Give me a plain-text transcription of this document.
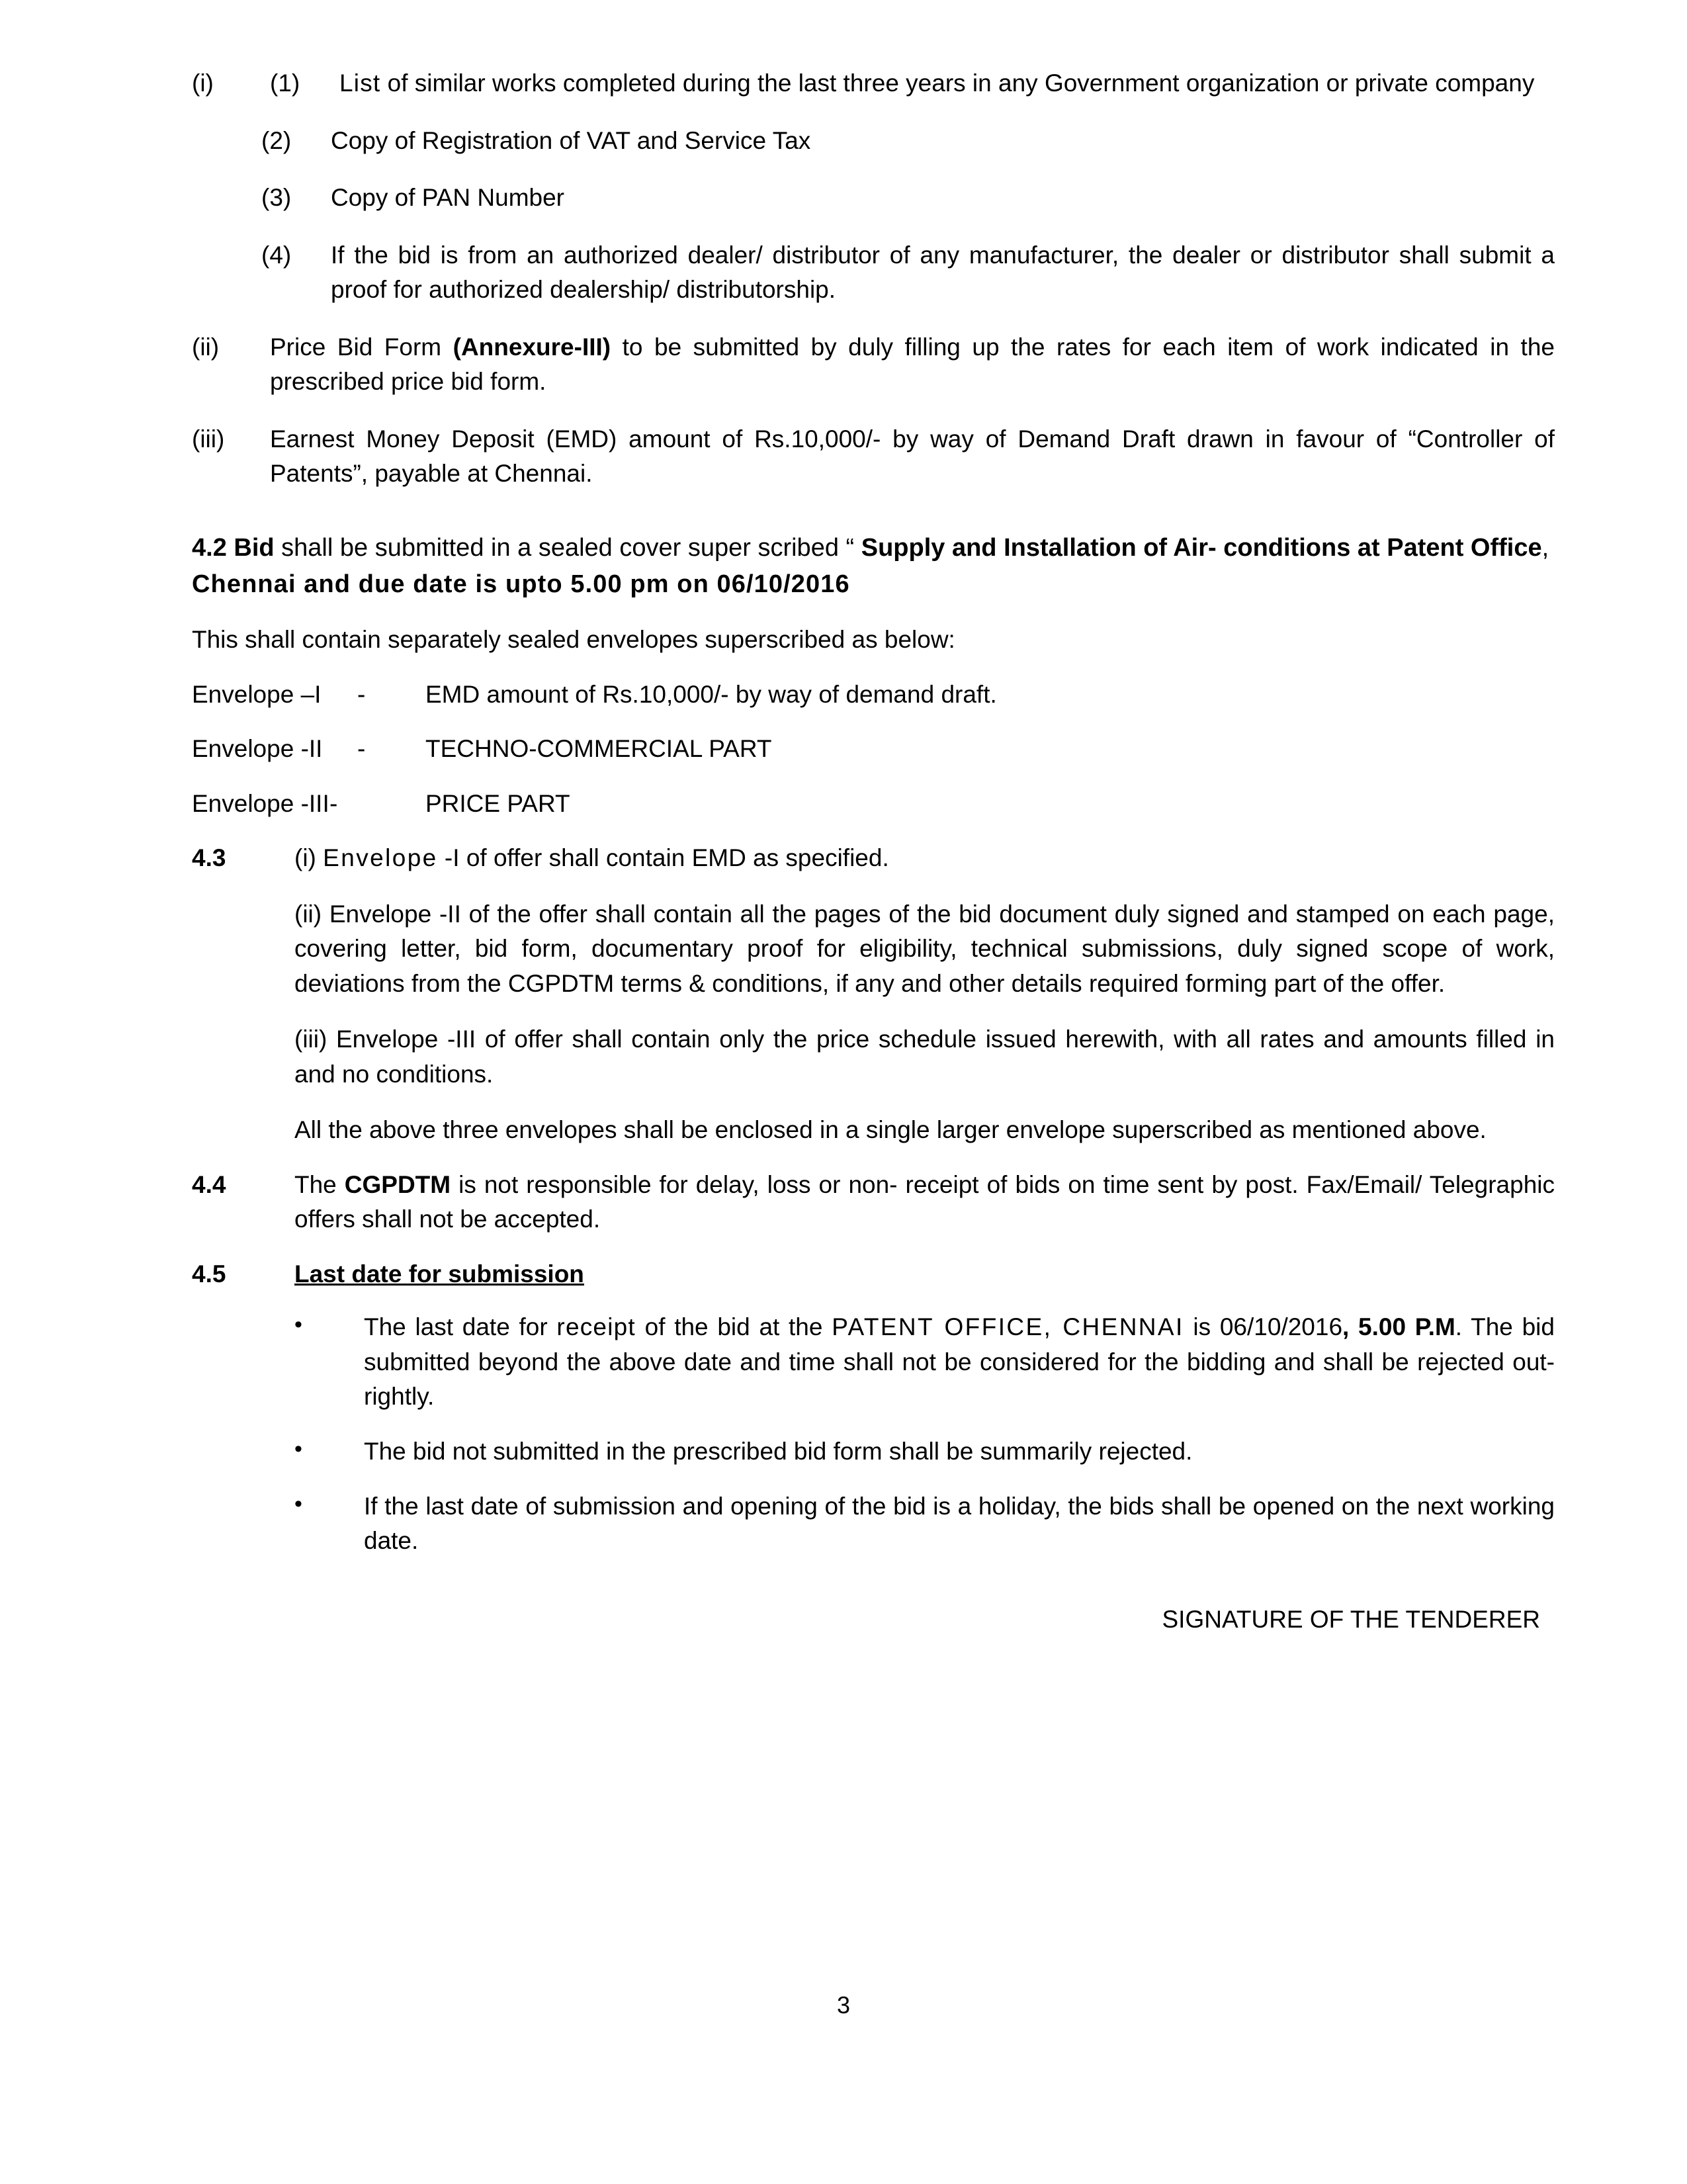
(i)	(1)	List of similar works completed during the last three years in any Government organization or private company
(2)	Copy of Registration of VAT and Service Tax
(3)	Copy of PAN Number
(4)	If the bid is from an authorized dealer/ distributor of any manufacturer, the dealer or distributor shall submit a proof for authorized dealership/ distributorship.
(ii)	Price Bid Form (Annexure-III) to be submitted by duly filling up the rates for each item of work indicated in the prescribed price bid form.
(iii)	Earnest Money Deposit (EMD) amount of Rs.10,000/- by way of Demand Draft drawn in favour of “Controller of Patents”, payable at Chennai.
4.2 Bid shall be submitted in a sealed cover super scribed “ Supply and Installation of Air- conditions at Patent Office, Chennai and due date is upto 5.00 pm on 06/10/2016
This shall contain separately sealed envelopes superscribed as below:
Envelope –I	-	EMD amount of Rs.10,000/- by way of demand draft.
Envelope -II	-	TECHNO-COMMERCIAL PART
Envelope -III -	PRICE PART
4.3	(i) Envelope -I of offer shall contain EMD as specified.

(ii) Envelope -II of the offer shall contain all the pages of the bid document duly signed and stamped on each page, covering letter, bid form, documentary proof for eligibility, technical submissions, duly signed scope of work, deviations from the CGPDTM terms & conditions, if any and other details required forming part of the offer.

(iii) Envelope -III of offer shall contain only the price schedule issued herewith, with all rates and amounts filled in and no conditions.

All the above three envelopes shall be enclosed in a single larger envelope superscribed as mentioned above.

4.4	The CGPDTM is not responsible for delay, loss or non- receipt of bids on time sent by post. Fax/Email/ Telegraphic offers shall not be accepted.

4.5	Last date for submission

•	The last date for receipt of the bid at the PATENT OFFICE, CHENNAI is 06/10/2016, 5.00 P.M. The bid submitted beyond the above date and time shall not be considered for the bidding and shall be rejected out-rightly.
•	The bid not submitted in the prescribed bid form shall be summarily rejected.
•	If the last date of submission and opening of the bid is a holiday, the bids shall be opened on the next working date.
SIGNATURE OF THE TENDERER
3
